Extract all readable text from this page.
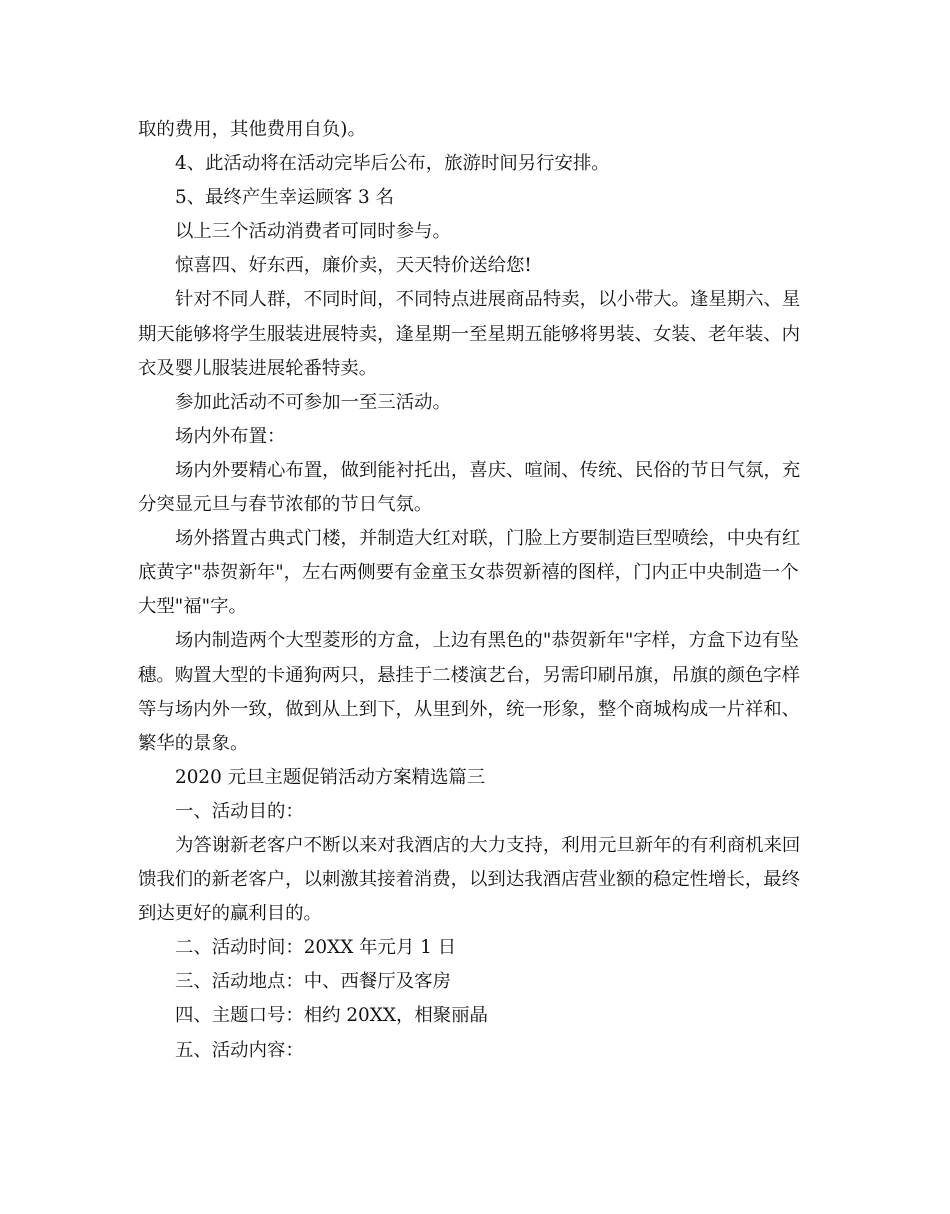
取的费用，其他费用自负)。
4、此活动将在活动完毕后公布，旅游时间另行安排。
5、最终产生幸运顾客 3 名
以上三个活动消费者可同时参与。
惊喜四、好东西，廉价卖，天天特价送给您!
针对不同人群，不同时间，不同特点进展商品特卖，以小带大。逢星期六、星
期天能够将学生服装进展特卖，逢星期一至星期五能够将男装、女装、老年装、内
衣及婴儿服装进展轮番特卖。
参加此活动不可参加一至三活动。
场内外布置：
场内外要精心布置，做到能衬托出，喜庆、喧闹、传统、民俗的节日气氛，充
分突显元旦与春节浓郁的节日气氛。
场外搭置古典式门楼，并制造大红对联，门脸上方要制造巨型喷绘，中央有红
底黄字"恭贺新年"，左右两侧要有金童玉女恭贺新禧的图样，门内正中央制造一个
大型"福"字。
场内制造两个大型菱形的方盒，上边有黑色的"恭贺新年"字样，方盒下边有坠
穗。购置大型的卡通狗两只，悬挂于二楼演艺台，另需印刷吊旗，吊旗的颜色字样
等与场内外一致，做到从上到下，从里到外，统一形象，整个商城构成一片祥和、
繁华的景象。
2020 元旦主题促销活动方案精选篇三
一、活动目的：
为答谢新老客户不断以来对我酒店的大力支持，利用元旦新年的有利商机来回
馈我们的新老客户，以刺激其接着消费，以到达我酒店营业额的稳定性增长，最终
到达更好的赢利目的。
二、活动时间：20XX 年元月 1 日
三、活动地点：中、西餐厅及客房
四、主题口号：相约 20XX，相聚丽晶
五、活动内容：
